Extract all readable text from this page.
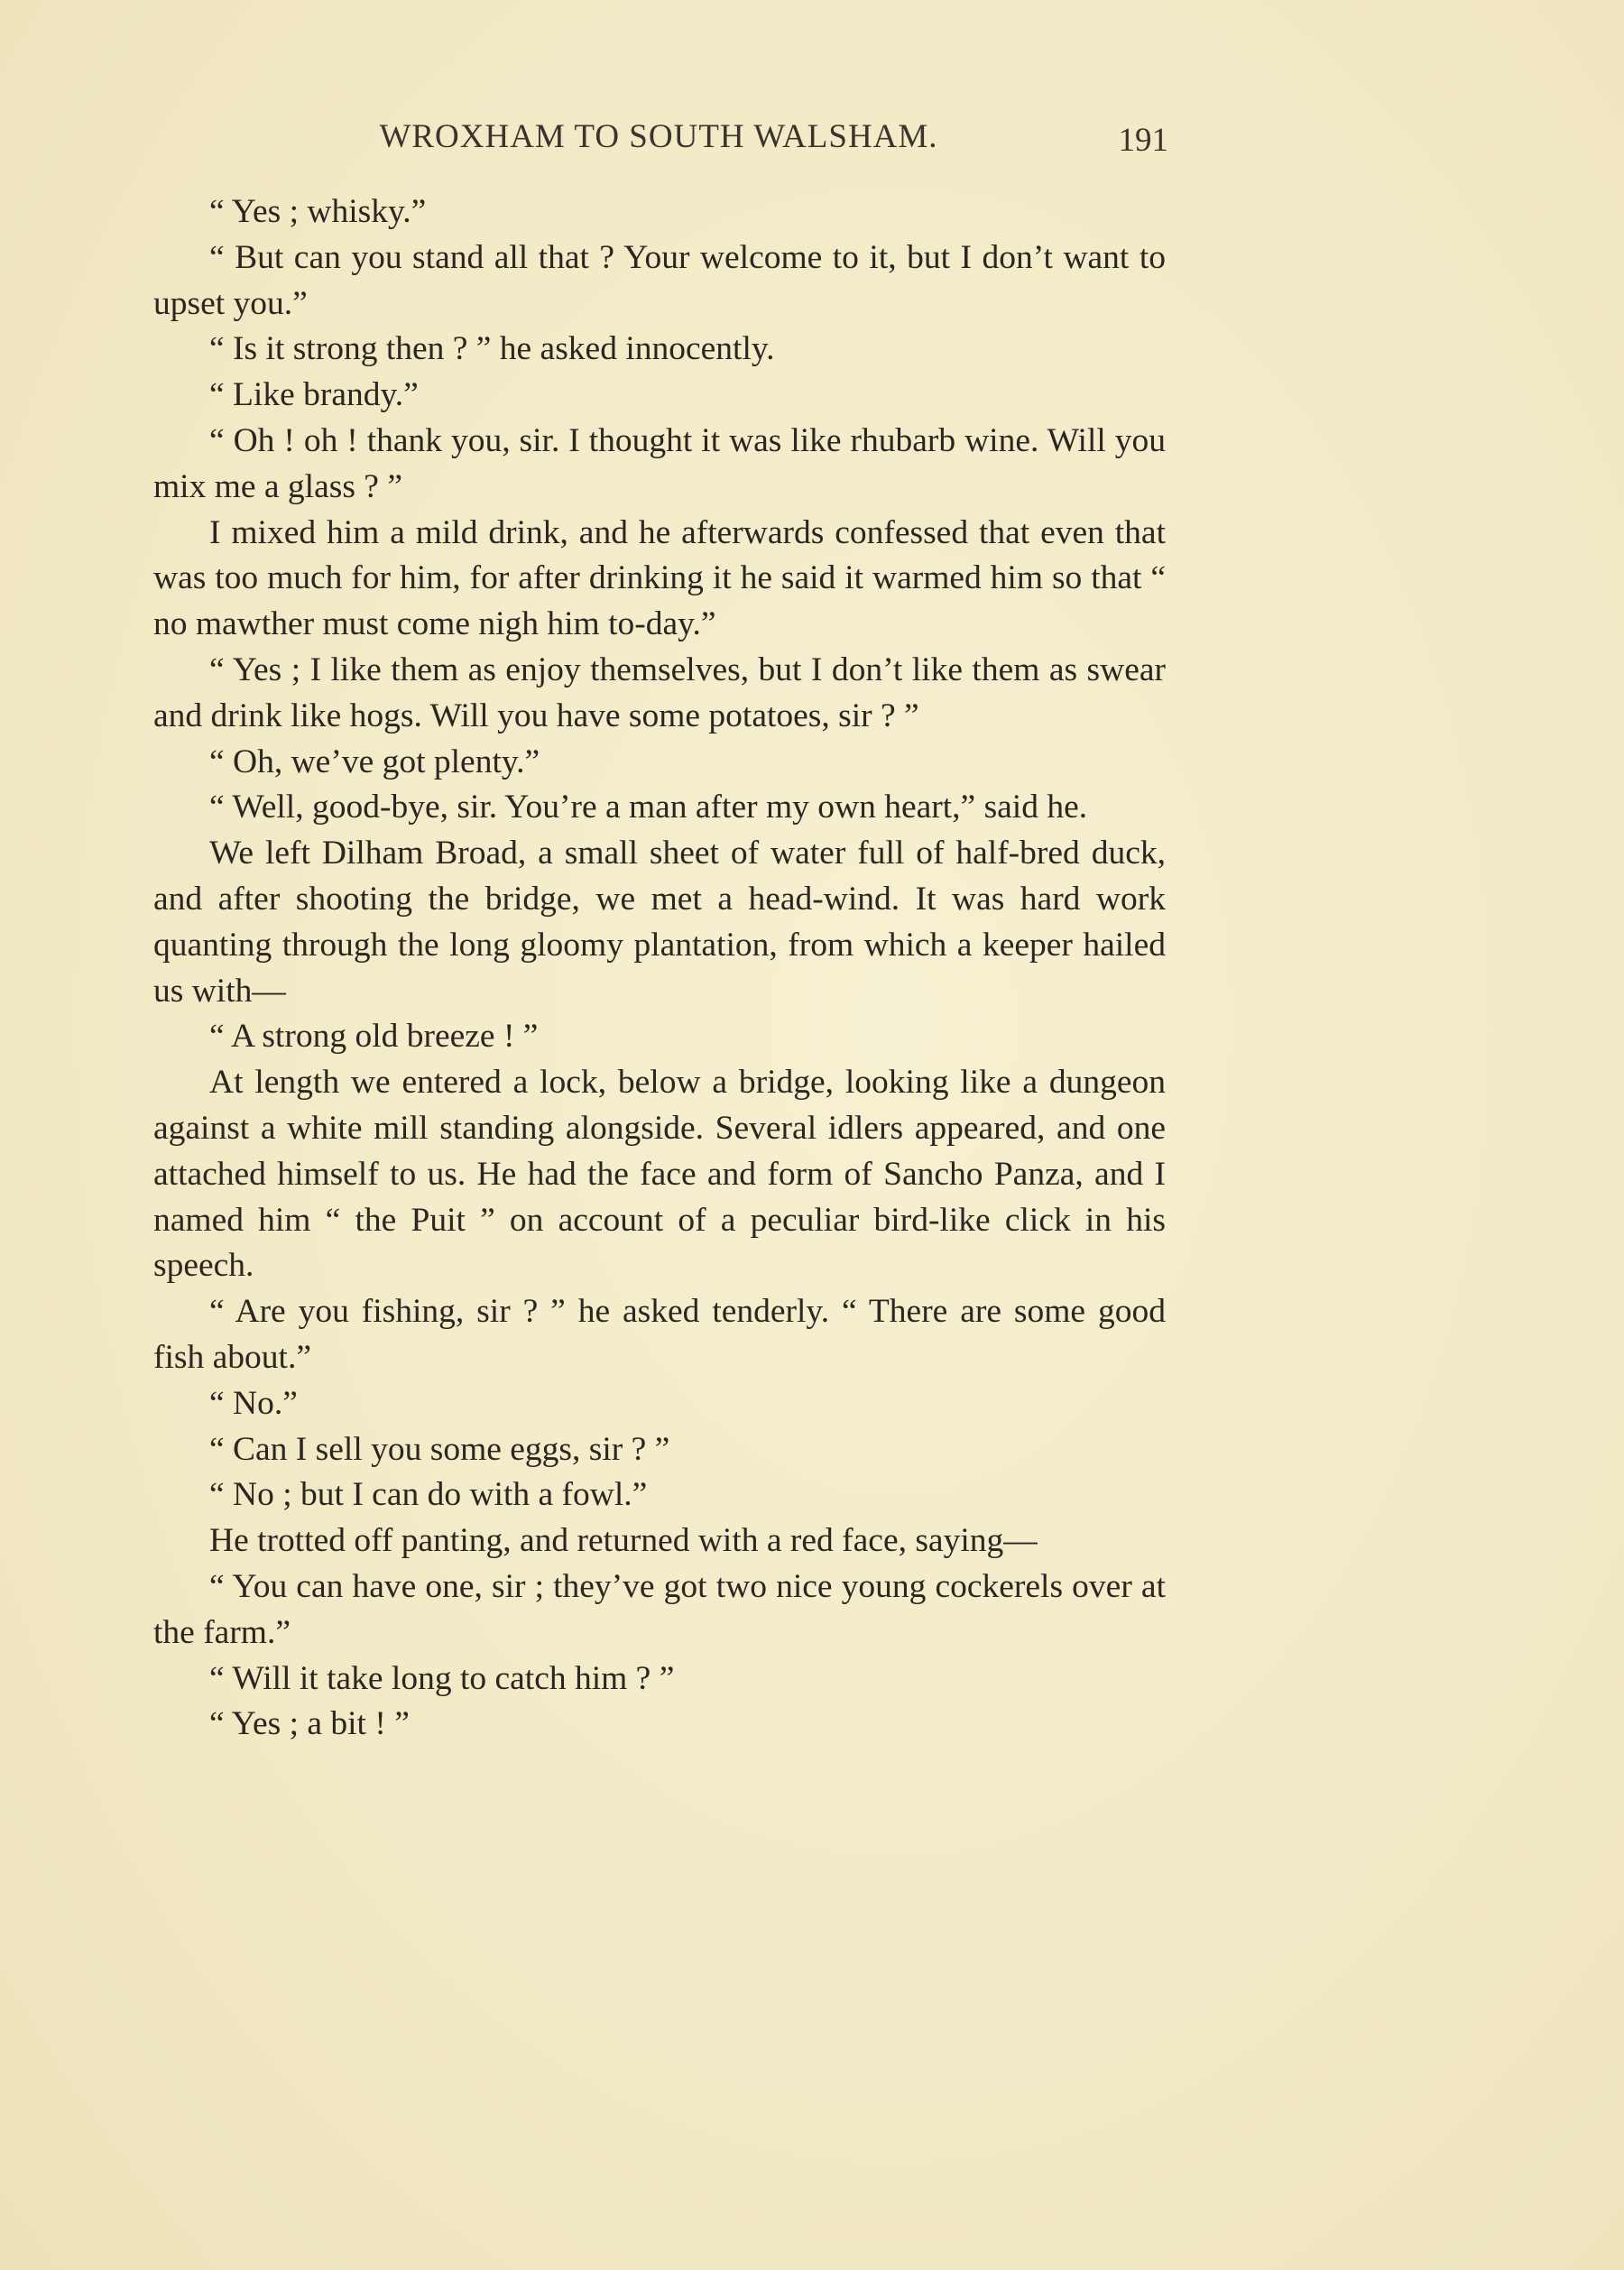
WROXHAM TO SOUTH WALSHAM.	191

“ Yes ; whisky.”

“ But can you stand all that ? Your welcome to it, but I don’t want to upset you.”

“ Is it strong then ? ” he asked innocently.

“ Like brandy.”

“ Oh ! oh ! thank you, sir. I thought it was like rhubarb wine. Will you mix me a glass ? ”

I mixed him a mild drink, and he afterwards confessed that even that was too much for him, for after drinking it he said it warmed him so that “ no mawther must come nigh him to-day.”

“ Yes ; I like them as enjoy themselves, but I don’t like them as swear and drink like hogs. Will you have some potatoes, sir ? ”

“ Oh, we’ve got plenty.”

“ Well, good-bye, sir. You’re a man after my own heart,” said he.

We left Dilham Broad, a small sheet of water full of half-bred duck, and after shooting the bridge, we met a head-wind. It was hard work quanting through the long gloomy plantation, from which a keeper hailed us with—

“ A strong old breeze ! ”

At length we entered a lock, below a bridge, looking like a dungeon against a white mill standing alongside. Several idlers appeared, and one attached himself to us. He had the face and form of Sancho Panza, and I named him “ the Puit ” on account of a peculiar bird-like click in his speech.

“ Are you fishing, sir ? ” he asked tenderly. “ There are some good fish about.”

“ No.”

“ Can I sell you some eggs, sir ? ”

“ No ; but I can do with a fowl.”

He trotted off panting, and returned with a red face, saying—

“ You can have one, sir ; they’ve got two nice young cockerels over at the farm.”

“ Will it take long to catch him ? ”

“ Yes ; a bit ! ”
